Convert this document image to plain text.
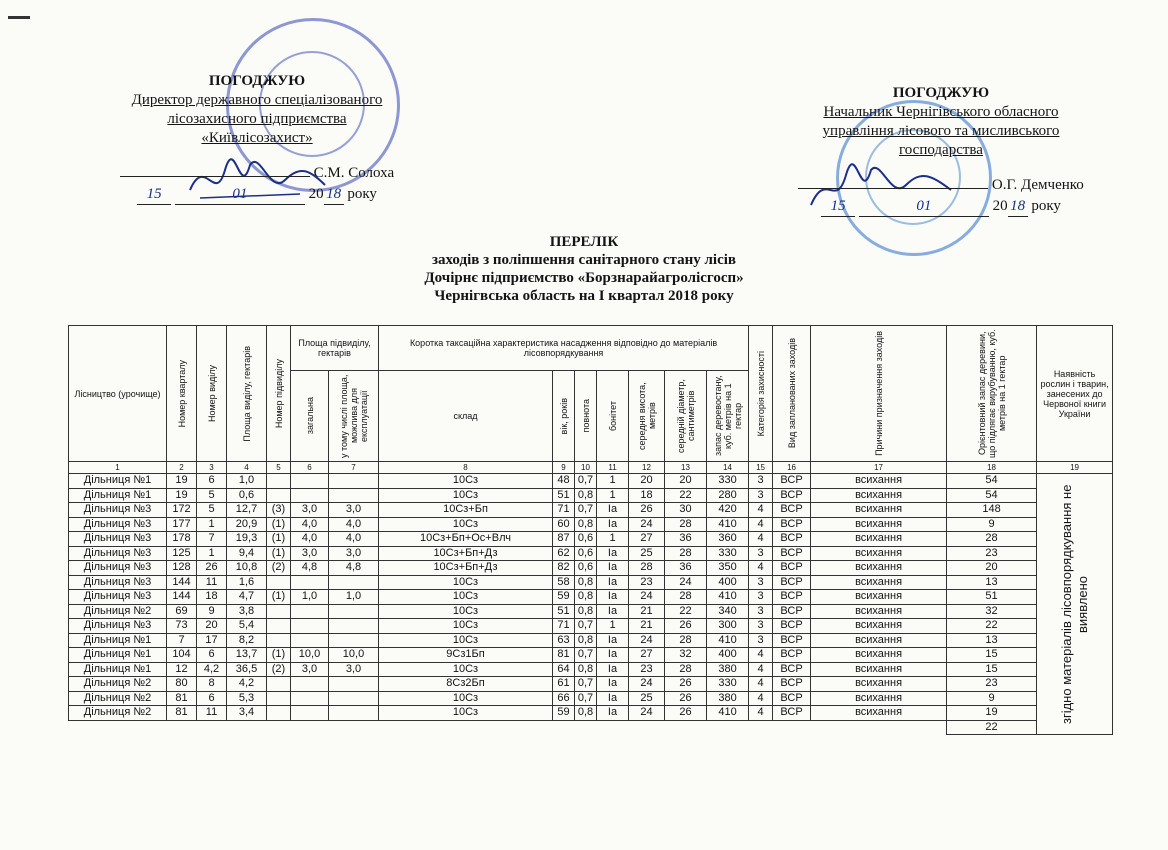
ПОГОДЖУЮ
Директор державного спеціалізованого
лісозахисного підприємства
«Київлісозахист»
С.М. Солоха
15	01	20 18 року
ПОГОДЖУЮ
Начальник Чернігівського обласного
управління лісового та мисливського
господарства
О.Г. Демченко
15	01	20 18 року
ПЕРЕЛІК
заходів з поліпшення санітарного стану лісів
Дочірнє підприємство «Борзнарайагролісгосп»
Чернігвська область на І квартал 2018 року
Лісництво (урочище)	Номер кварталу	Номер виділу	Площа виділу, гектарів	Номер підвиділу	Площа підвиділу, гектарів		Коротка таксаційна характеристика насадження відповідно до матеріалів лісовпорядкування							Категорія захисності	Вид запланованих заходів	Причини призначення заходів	Орієнтовний запас деревини, що підлягає вирубуванню, куб. метрів на 1 гектар	Наявність рослин і тварин, занесених до Червоної книги України

					загальна	у тому числі площа, можлива для експлуатації	склад	вік, років	повнота	бонітет	середня висота, метрів	середній діаметр, сантиметрів	запас деревостану, куб. метрів на 1 гектар					

1	2	3	4	5	6	7	8	9	10	11	12	13	14	15	16	17	18	19
Дільниця №1	19	6	1,0				10Сз	48	0,7	1	20	20	330	3	ВСР	всихання	54	згідно матеріалів лісовпорядкування не виявлено

Дільниця №1	19	5	0,6				10Сз	51	0,8	1	18	22	280	3	ВСР	всихання	54	
Дільниця №3	172	5	12,7	(3)	3,0	3,0	10Сз+Бп	71	0,7	Іа	26	30	420	4	ВСР	всихання	148	
Дільниця №3	177	1	20,9	(1)	4,0	4,0	10Сз	60	0,8	Іа	24	28	410	4	ВСР	всихання	9	
Дільниця №3	178	7	19,3	(1)	4,0	4,0	10Сз+Бп+Ос+Влч	87	0,6	1	27	36	360	4	ВСР	всихання	28	
Дільниця №3	125	1	9,4	(1)	3,0	3,0	10Сз+Бп+Дз	62	0,6	Іа	25	28	330	3	ВСР	всихання	23	
Дільниця №3	128	26	10,8	(2)	4,8	4,8	10Сз+Бп+Дз	82	0,6	Іа	28	36	350	4	ВСР	всихання	20	
Дільниця №3	144	11	1,6				10Сз	58	0,8	Іа	23	24	400	3	ВСР	всихання	13	
Дільниця №3	144	18	4,7	(1)	1,0	1,0	10Сз	59	0,8	Іа	24	28	410	3	ВСР	всихання	51	
Дільниця №2	69	9	3,8				10Сз	51	0,8	Іа	21	22	340	3	ВСР	всихання	32	
Дільниця №3	73	20	5,4				10Сз	71	0,7	1	21	26	300	3	ВСР	всихання	22	
Дільниця №1	7	17	8,2				10Сз	63	0,8	Іа	24	28	410	3	ВСР	всихання	13	
Дільниця №1	104	6	13,7	(1)	10,0	10,0	9Сз1Бп	81	0,7	Іа	27	32	400	4	ВСР	всихання	15	
Дільниця №1	12	4,2	36,5	(2)	3,0	3,0	10Сз	64	0,8	Іа	23	28	380	4	ВСР	всихання	15	
Дільниця №2	80	8	4,2				8Сз2Бп	61	0,7	Іа	24	26	330	4	ВСР	всихання	23	
Дільниця №2	81	6	5,3				10Сз	66	0,7	Іа	25	26	380	4	ВСР	всихання	9	
Дільниця №2	81	11	3,4				10Сз	59	0,8	Іа	24	26	410	4	ВСР	всихання	19	
																	22	
